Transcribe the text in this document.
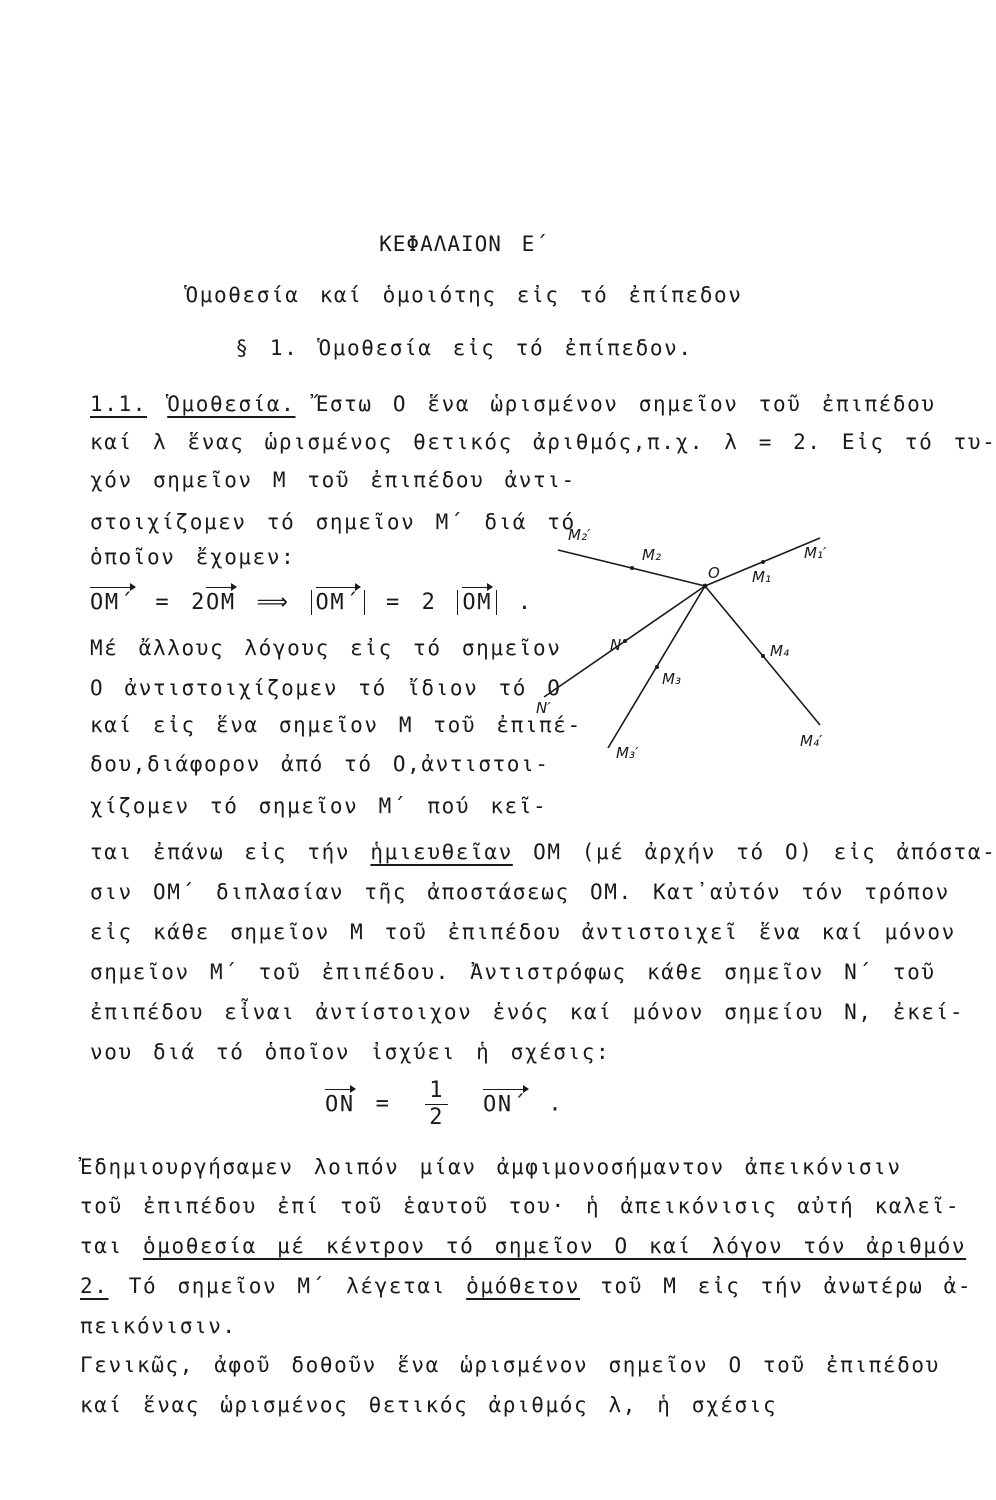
ΚΕΦΑΛΑΙΟΝ Ε΄
Ὁμοθεσία καί ὁμοιότης εἰς τό ἐπίπεδον
§ 1. Ὁμοθεσία εἰς τό ἐπίπεδον.
1.1. Ὁμοθεσία. Ἔστω Ο ἕνα ὡρισμένον σημεῖον τοῦ ἐπιπέδου
καί λ ἕνας ὡρισμένος θετικός ἀριθμός,π.χ. λ = 2. Εἰς τό τυ-
χόν σημεῖον Μ τοῦ ἐπιπέδου ἀντι-
στοιχίζομεν τό σημεῖον Μ΄ διά τό
ὁποῖον ἔχομεν:
ΟΜ΄ = 2ΟΜ ⟹ ΟΜ΄ = 2 ΟΜ .
Μέ ἄλλους λόγους εἰς τό σημεῖον
Ο ἀντιστοιχίζομεν τό ἴδιον τό Ο
καί εἰς ἕνα σημεῖον Μ τοῦ ἐπιπέ-
δου,διάφορον ἀπό τό Ο,ἀντιστοι-
χίζομεν τό σημεῖον Μ΄ πού κεῖ-
ται ἐπάνω εἰς τήν ἡμιευθεῖαν ΟΜ (μέ ἀρχήν τό Ο) εἰς ἀπόστα-
σιν ΟΜ΄ διπλασίαν τῆς ἀποστάσεως ΟΜ. Κατ᾽αὐτόν τόν τρόπον
εἰς κάθε σημεῖον Μ τοῦ ἐπιπέδου ἀντιστοιχεῖ ἕνα καί μόνον
σημεῖον Μ΄ τοῦ ἐπιπέδου. Ἀντιστρόφως κάθε σημεῖον Ν΄ τοῦ
ἐπιπέδου εἶναι ἀντίστοιχον ἑνός καί μόνον σημείου Ν, ἐκεί-
νου διά τό ὁποῖον ἰσχύει ἡ σχέσις:
$ON = \frac{1}{2} ON΄$ .
Ἐδημιουργήσαμεν λοιπόν μίαν ἀμφιμονοσήμαντον ἀπεικόνισιν
τοῦ ἐπιπέδου ἐπί τοῦ ἑαυτοῦ του· ἡ ἀπεικόνισις αὐτή καλεῖ-
ται ὁμοθεσία μέ κέντρον τό σημεῖον Ο καί λόγον τόν ἀριθμόν
2. Τό σημεῖον Μ΄ λέγεται ὁμόθετον τοῦ Μ εἰς τήν ἀνωτέρω ἀ-
πεικόνισιν.
Γενικῶς, ἀφοῦ δοθοῦν ἕνα ὡρισμένον σημεῖον Ο τοῦ ἐπιπέδου
καί ἕνας ὡρισμένος θετικός ἀριθμός λ, ἡ σχέσις
O M₁
M₁′
M₂
M₂′
M₃
M₃′
M₄
M₄′
N
N′
